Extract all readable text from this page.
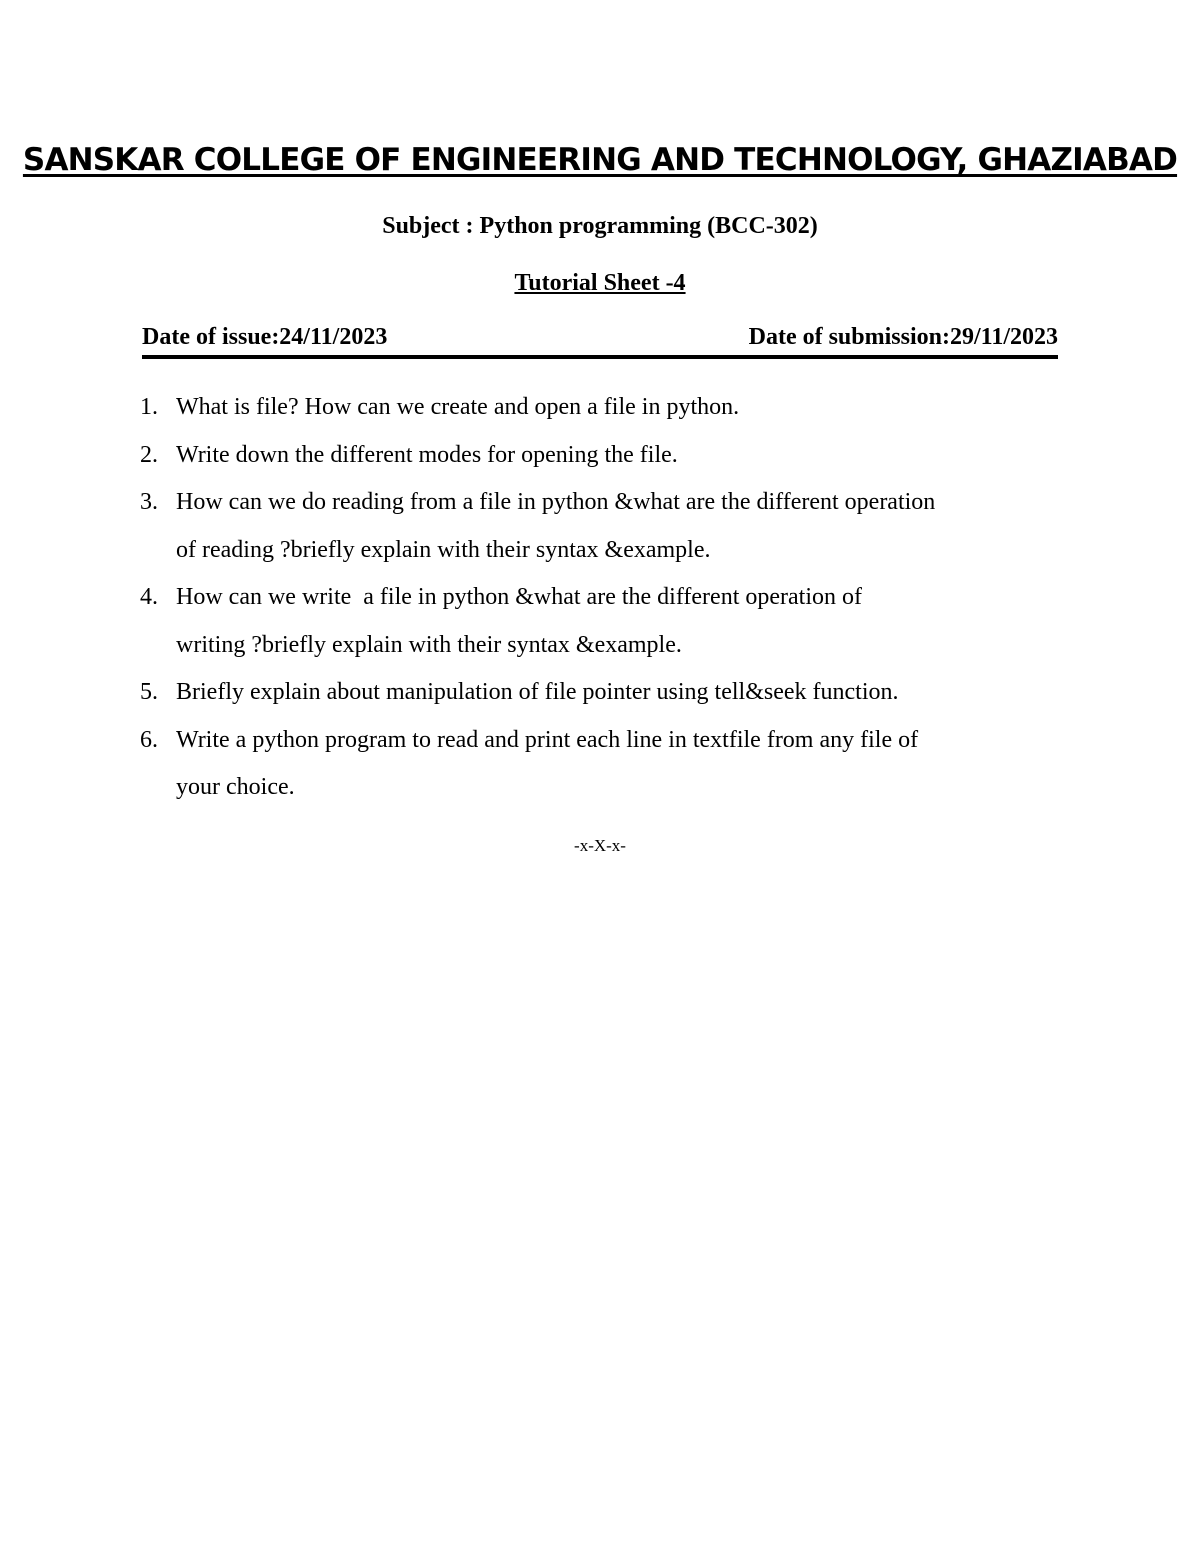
SANSKAR COLLEGE OF ENGINEERING AND TECHNOLOGY, GHAZIABAD
Subject : Python programming (BCC-302)
Tutorial Sheet -4
Date of issue:24/11/2023	Date of submission:29/11/2023
1. What is file? How can we create and open a file in python.
2. Write down the different modes for opening the file.
3. How can we do reading from a file in python &what are the different operation
of reading ?briefly explain with their syntax &example.
4. How can we write  a file in python &what are the different operation of
writing ?briefly explain with their syntax &example.
5. Briefly explain about manipulation of file pointer using tell&seek function.
6. Write a python program to read and print each line in textfile from any file of
your choice.
-x-X-x-
